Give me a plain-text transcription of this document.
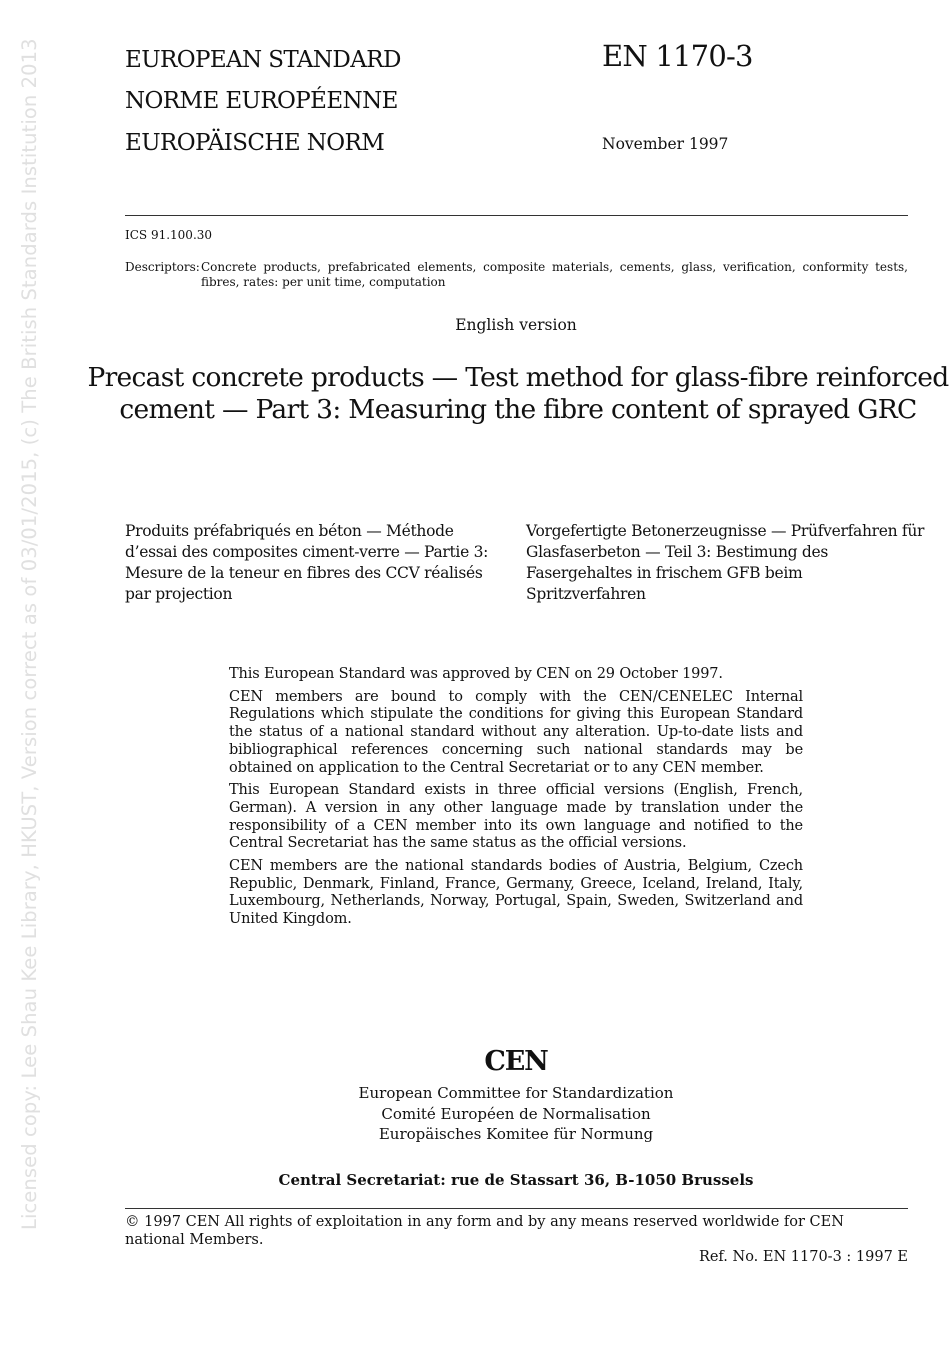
Licensed copy: Lee Shau Kee Library, HKUST, Version correct as of 03/01/2015, (c) The British Standards Institution 2013	EUROPEAN STANDARD
NORME EUROPÉENNE
EUROPÄISCHE NORM
EN 1170-3
November 1997
ICS 91.100.30
Descriptors: Concrete products, prefabricated elements, composite materials, cements, glass, verification, conformity tests, fibres, rates: per unit time, computation
English version
Precast concrete products — Test method for glass-fibre reinforced
cement — Part 3: Measuring the fibre content of sprayed GRC
Produits préfabriqués en béton — Méthode d’essai des composites ciment-verre — Partie 3: Mesure de la teneur en fibres des CCV réalisés par projection
Vorgefertigte Betonerzeugnisse — Prüfverfahren für
Glasfaserbeton — Teil 3: Bestimung des
Fasergehaltes in frischem GFB beim
Spritzverfahren

This European Standard was approved by CEN on 29 October 1997.

CEN members are bound to comply with the CEN/CENELEC Internal Regulations which stipulate the conditions for giving this European Standard the status of a national standard without any alteration. Up-to-date lists and bibliographical references concerning such national standards may be obtained on application to the Central Secretariat or to any CEN member.

This European Standard exists in three official versions (English, French, German). A version in any other language made by translation under the responsibility of a CEN member into its own language and notified to the Central Secretariat has the same status as the official versions.

CEN members are the national standards bodies of Austria, Belgium, Czech Republic, Denmark, Finland, France, Germany, Greece, Iceland, Ireland, Italy, Luxembourg, Netherlands, Norway, Portugal, Spain, Sweden, Switzerland and United Kingdom.

CEN
European Committee for Standardization
Comité Européen de Normalisation
Europäisches Komitee für Normung
Central Secretariat: rue de Stassart 36, B-1050 Brussels
© 1997 CEN All rights of exploitation in any form and by any means reserved worldwide for CEN national Members.
Ref. No. EN 1170-3 : 1997 E
